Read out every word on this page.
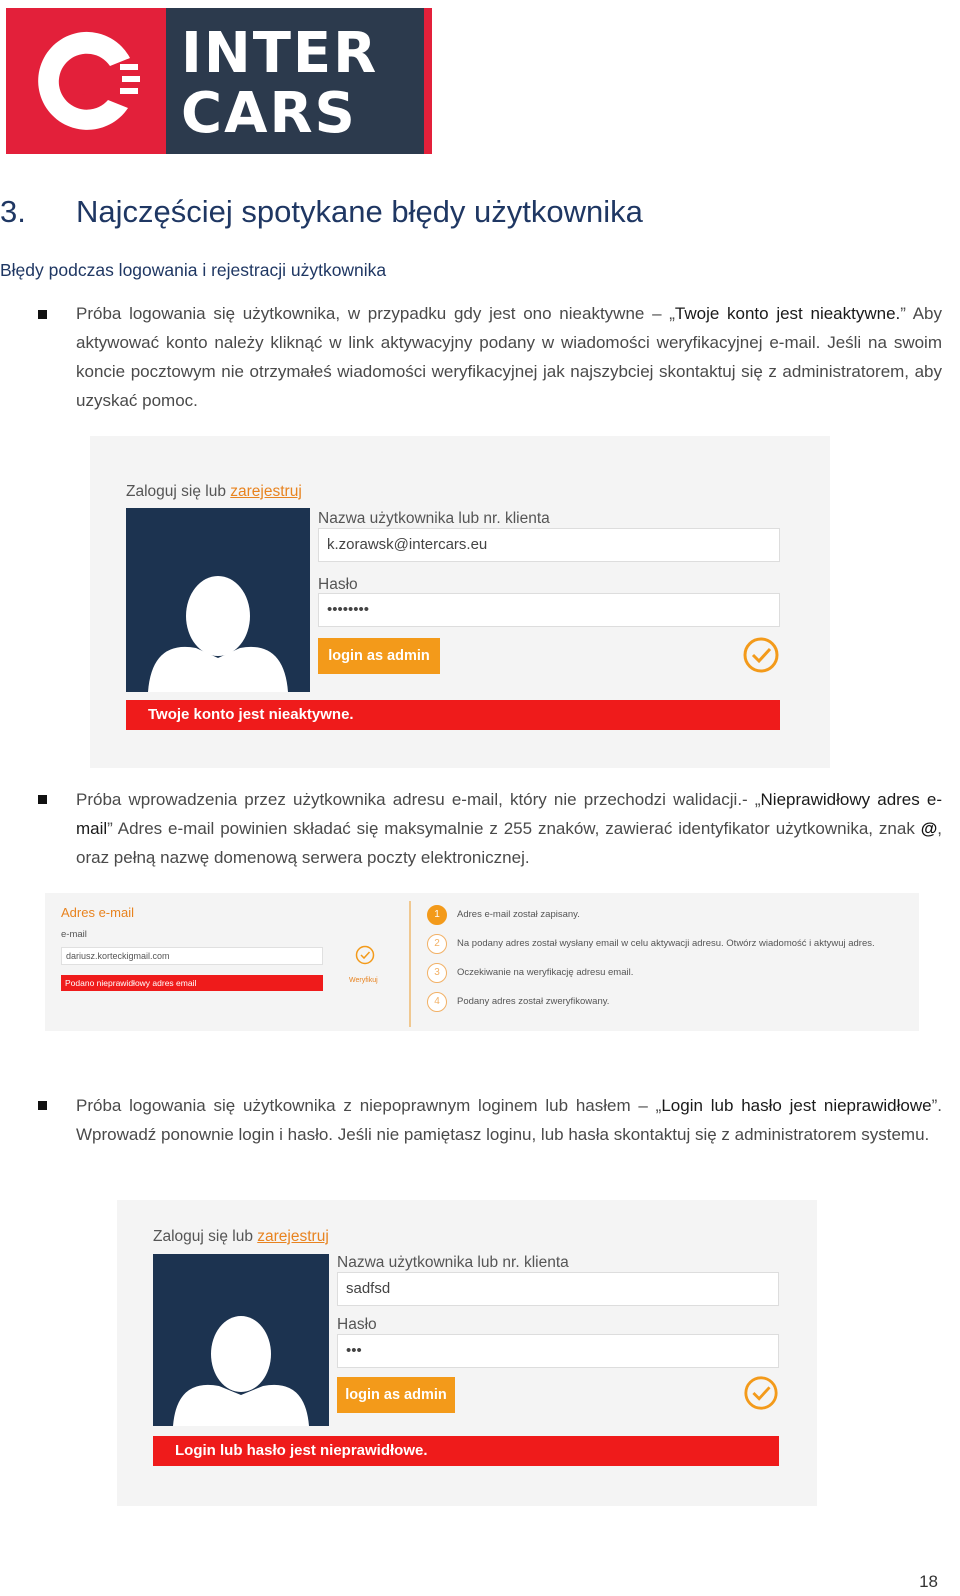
INTER
CARS
3. Najczęściej spotykane błędy użytkownika
Błędy podczas logowania i rejestracji użytkownika
Próba logowania się użytkownika, w przypadku gdy jest ono nieaktywne – „Twoje konto jest nieaktywne.” Aby aktywować konto należy kliknąć w link aktywacyjny podany w wiadomości weryfikacyjnej e-mail. Jeśli na swoim koncie pocztowym nie otrzymałeś wiadomości weryfikacyjnej jak najszybciej skontaktuj się z administratorem, aby uzyskać pomoc.
Zaloguj się lub zarejestruj
Nazwa użytkownika lub nr. klienta
k.zorawsk@intercars.eu
Hasło
••••••••
login as admin
Twoje konto jest nieaktywne.
Próba wprowadzenia przez użytkownika adresu e-mail, który nie przechodzi walidacji.- „Nieprawidłowy adres e-mail” Adres e-mail powinien składać się maksymalnie z 255 znaków, zawierać identyfikator użytkownika, znak @, oraz pełną nazwę domenową serwera poczty elektronicznej.
Adres e-mail
e-mail
dariusz.korteckigmail.com
Podano nieprawidłowy adres email	Weryfikuj
1	Adres e-mail został zapisany.
2	Na podany adres został wysłany email w celu aktywacji adresu. Otwórz wiadomość i aktywuj adres.
3	Oczekiwanie na weryfikację adresu email.
4	Podany adres został zweryfikowany.
Próba logowania się użytkownika z niepoprawnym loginem lub hasłem – „Login lub hasło jest nieprawidłowe”. Wprowadź ponownie login i hasło. Jeśli nie pamiętasz loginu, lub hasła skontaktuj się z administratorem systemu.
Zaloguj się lub zarejestruj
Nazwa użytkownika lub nr. klienta
sadfsd
Hasło
•••
login as admin
Login lub hasło jest nieprawidłowe.
18
